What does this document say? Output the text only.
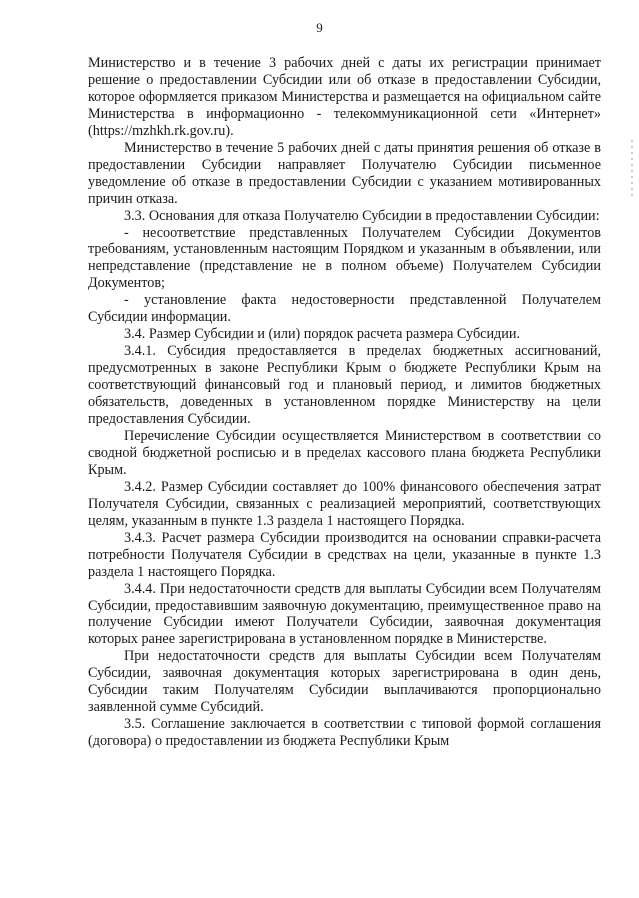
9

Министерство и в течение 3 рабочих дней с даты их регистрации принимает решение о предоставлении Субсидии или об отказе в предоставлении Субсидии, которое оформляется приказом Министерства и размещается на официальном сайте Министерства в информационно - телекоммуникационной сети «Интернет» (https://mzhkh.rk.gov.ru).

Министерство в течение 5 рабочих дней с даты принятия решения об отказе в предоставлении Субсидии направляет Получателю Субсидии письменное уведомление об отказе в предоставлении Субсидии с указанием мотивированных причин отказа.

3.3. Основания для отказа Получателю Субсидии в предоставлении Субсидии:

- несоответствие представленных Получателем Субсидии Документов требованиям, установленным настоящим Порядком и указанным в объявлении, или непредставление (представление не в полном объеме) Получателем Субсидии Документов;

- установление факта недостоверности представленной Получателем Субсидии информации.

3.4. Размер Субсидии и (или) порядок расчета размера Субсидии.

3.4.1. Субсидия предоставляется в пределах бюджетных ассигнований, предусмотренных в законе Республики Крым о бюджете Республики Крым на соответствующий финансовый год и плановый период, и лимитов бюджетных обязательств, доведенных в установленном порядке Министерству на цели предоставления Субсидии.

Перечисление Субсидии осуществляется Министерством в соответствии со сводной бюджетной росписью и в пределах кассового плана бюджета Республики Крым.

3.4.2. Размер Субсидии составляет до 100% финансового обеспечения затрат Получателя Субсидии, связанных с реализацией мероприятий, соответствующих целям, указанным в пункте 1.3 раздела 1 настоящего Порядка.

3.4.3. Расчет размера Субсидии производится на основании справки-расчета потребности Получателя Субсидии в средствах на цели, указанные в пункте 1.3 раздела 1 настоящего Порядка.

3.4.4. При недостаточности средств для выплаты Субсидии всем Получателям Субсидии, предоставившим заявочную документацию, преимущественное право на получение Субсидии имеют Получатели Субсидии, заявочная документация которых ранее зарегистрирована в установленном порядке в Министерстве.

При недостаточности средств для выплаты Субсидии всем Получателям Субсидии, заявочная документация которых зарегистрирована в один день, Субсидии таким Получателям Субсидии выплачиваются пропорционально заявленной сумме Субсидий.

3.5. Соглашение заключается в соответствии с типовой формой соглашения (договора) о предоставлении из бюджета Республики Крым
